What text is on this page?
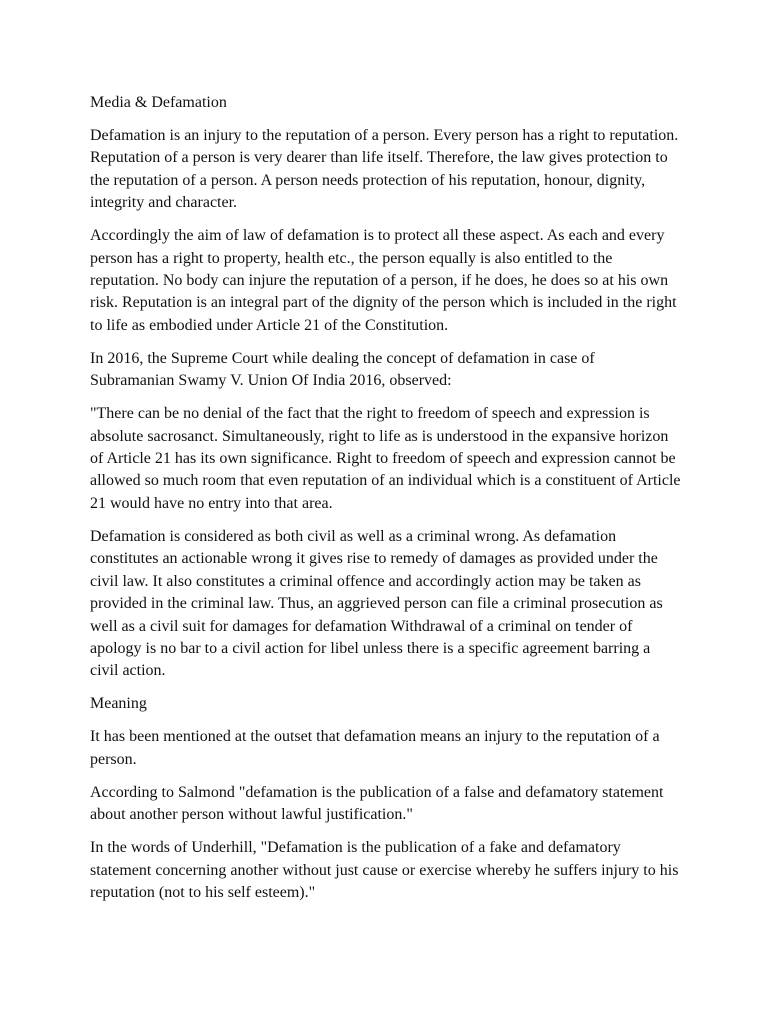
Media & Defamation

Defamation is an injury to the reputation of a person. Every person has a right to reputation. Reputation of a person is very dearer than life itself. Therefore, the law gives protection to the reputation of a person. A person needs protection of his reputation, honour, dignity, integrity and character.

Accordingly the aim of law of defamation is to protect all these aspect. As each and every person has a right to property, health etc., the person equally is also entitled to the reputation. No body can injure the reputation of a person, if he does, he does so at his own risk. Reputation is an integral part of the dignity of the person which is included in the right to life as embodied under Article 21 of the Constitution.

In 2016, the Supreme Court while dealing the concept of defamation in case of Subramanian Swamy V. Union Of India 2016, observed:

"There can be no denial of the fact that the right to freedom of speech and expression is absolute sacrosanct. Simultaneously, right to life as is understood in the expansive horizon of Article 21 has its own significance. Right to freedom of speech and expression cannot be allowed so much room that even reputation of an individual which is a constituent of Article 21 would have no entry into that area.

Defamation is considered as both civil as well as a criminal wrong. As defamation constitutes an actionable wrong it gives rise to remedy of damages as provided under the civil law. It also constitutes a criminal offence and accordingly action may be taken as provided in the criminal law. Thus, an aggrieved person can file a criminal prosecution as well as a civil suit for damages for defamation Withdrawal of a criminal on tender of apology is no bar to a civil action for libel unless there is a specific agreement barring a civil action.

Meaning

It has been mentioned at the outset that defamation means an injury to the reputation of a person.

According to Salmond "defamation is the publication of a false and defamatory statement about another person without lawful justification."

In the words of Underhill, "Defamation is the publication of a fake and defamatory statement concerning another without just cause or exercise whereby he suffers injury to his reputation (not to his self esteem)."
